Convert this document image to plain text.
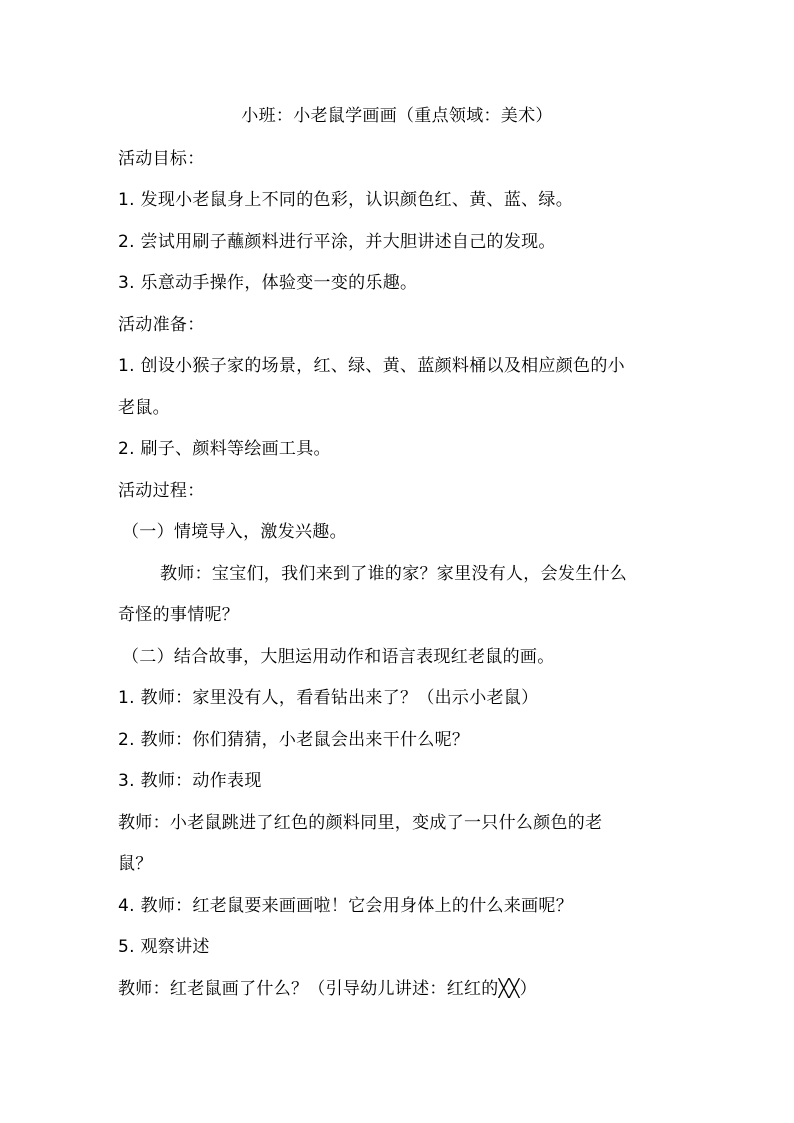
小班：小老鼠学画画（重点领域：美术）
活动目标：
1. 发现小老鼠身上不同的色彩，认识颜色红、黄、蓝、绿。
2. 尝试用刷子蘸颜料进行平涂，并大胆讲述自己的发现。
3. 乐意动手操作，体验变一变的乐趣。
活动准备：
1. 创设小猴子家的场景，红、绿、黄、蓝颜料桶以及相应颜色的小
老鼠。
2. 刷子、颜料等绘画工具。
活动过程：
（一）情境导入，激发兴趣。
教师：宝宝们，我们来到了谁的家？家里没有人，会发生什么
奇怪的事情呢？
（二）结合故事，大胆运用动作和语言表现红老鼠的画。
1. 教师：家里没有人，看看钻出来了？（出示小老鼠）
2. 教师：你们猜猜，小老鼠会出来干什么呢？
3. 教师：动作表现
教师：小老鼠跳进了红色的颜料同里，变成了一只什么颜色的老
鼠？
4. 教师：红老鼠要来画画啦！它会用身体上的什么来画呢？
5. 观察讲述
教师：红老鼠画了什么？（引导幼儿讲述：红红的╳╳）
